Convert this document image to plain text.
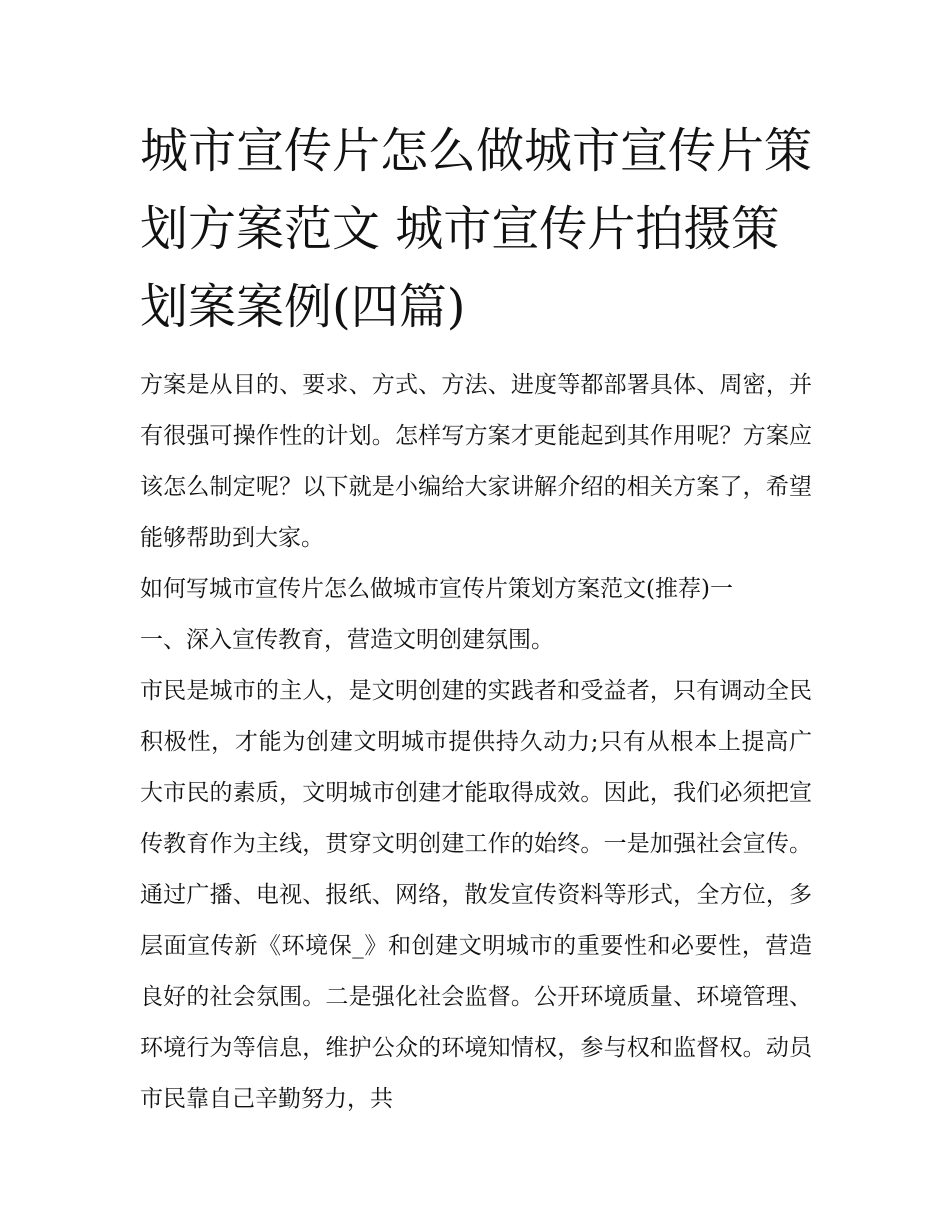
城市宣传片怎么做城市宣传片策划方案范文 城市宣传片拍摄策划案案例(四篇)

方案是从目的、要求、方式、方法、进度等都部署具体、周密，并有很强可操作性的计划。怎样写方案才更能起到其作用呢？方案应该怎么制定呢？以下就是小编给大家讲解介绍的相关方案了，希望能够帮助到大家。

如何写城市宣传片怎么做城市宣传片策划方案范文(推荐)一

一、深入宣传教育，营造文明创建氛围。

市民是城市的主人，是文明创建的实践者和受益者，只有调动全民积极性，才能为创建文明城市提供持久动力;只有从根本上提高广大市民的素质，文明城市创建才能取得成效。因此，我们必须把宣传教育作为主线，贯穿文明创建工作的始终。一是加强社会宣传。通过广播、电视、报纸、网络，散发宣传资料等形式，全方位，多层面宣传新《环境保_》和创建文明城市的重要性和必要性，营造良好的社会氛围。二是强化社会监督。公开环境质量、环境管理、环境行为等信息，维护公众的环境知情权，参与权和监督权。动员市民靠自己辛勤努力，共
